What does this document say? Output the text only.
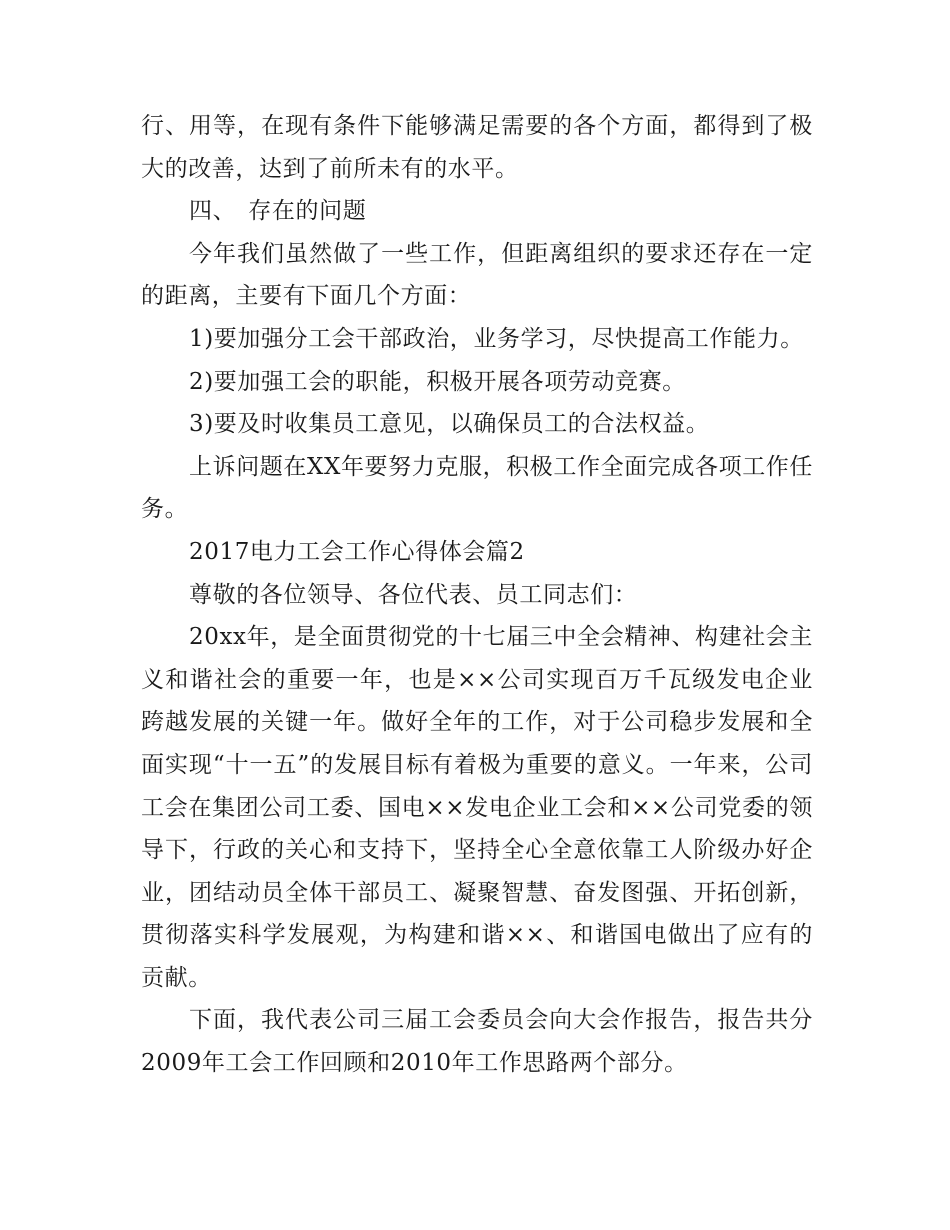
行、用等，在现有条件下能够满足需要的各个方面，都得到了极大的改善，达到了前所未有的水平。

四、　存在的问题

今年我们虽然做了一些工作，但距离组织的要求还存在一定的距离，主要有下面几个方面：

1)要加强分工会干部政治，业务学习，尽快提高工作能力。

2)要加强工会的职能，积极开展各项劳动竞赛。

3)要及时收集员工意见，以确保员工的合法权益。

上诉问题在XX年要努力克服，积极工作全面完成各项工作任务。

2017电力工会工作心得体会篇2

尊敬的各位领导、各位代表、员工同志们：

20xx年，是全面贯彻党的十七届三中全会精神、构建社会主义和谐社会的重要一年，也是××公司实现百万千瓦级发电企业跨越发展的关键一年。做好全年的工作，对于公司稳步发展和全面实现“十一五”的发展目标有着极为重要的意义。一年来，公司工会在集团公司工委、国电××发电企业工会和××公司党委的领导下，行政的关心和支持下，坚持全心全意依靠工人阶级办好企业，团结动员全体干部员工、凝聚智慧、奋发图强、开拓创新，贯彻落实科学发展观，为构建和谐××、和谐国电做出了应有的贡献。

下面，我代表公司三届工会委员会向大会作报告，报告共分 2009年工会工作回顾和2010年工作思路两个部分。
